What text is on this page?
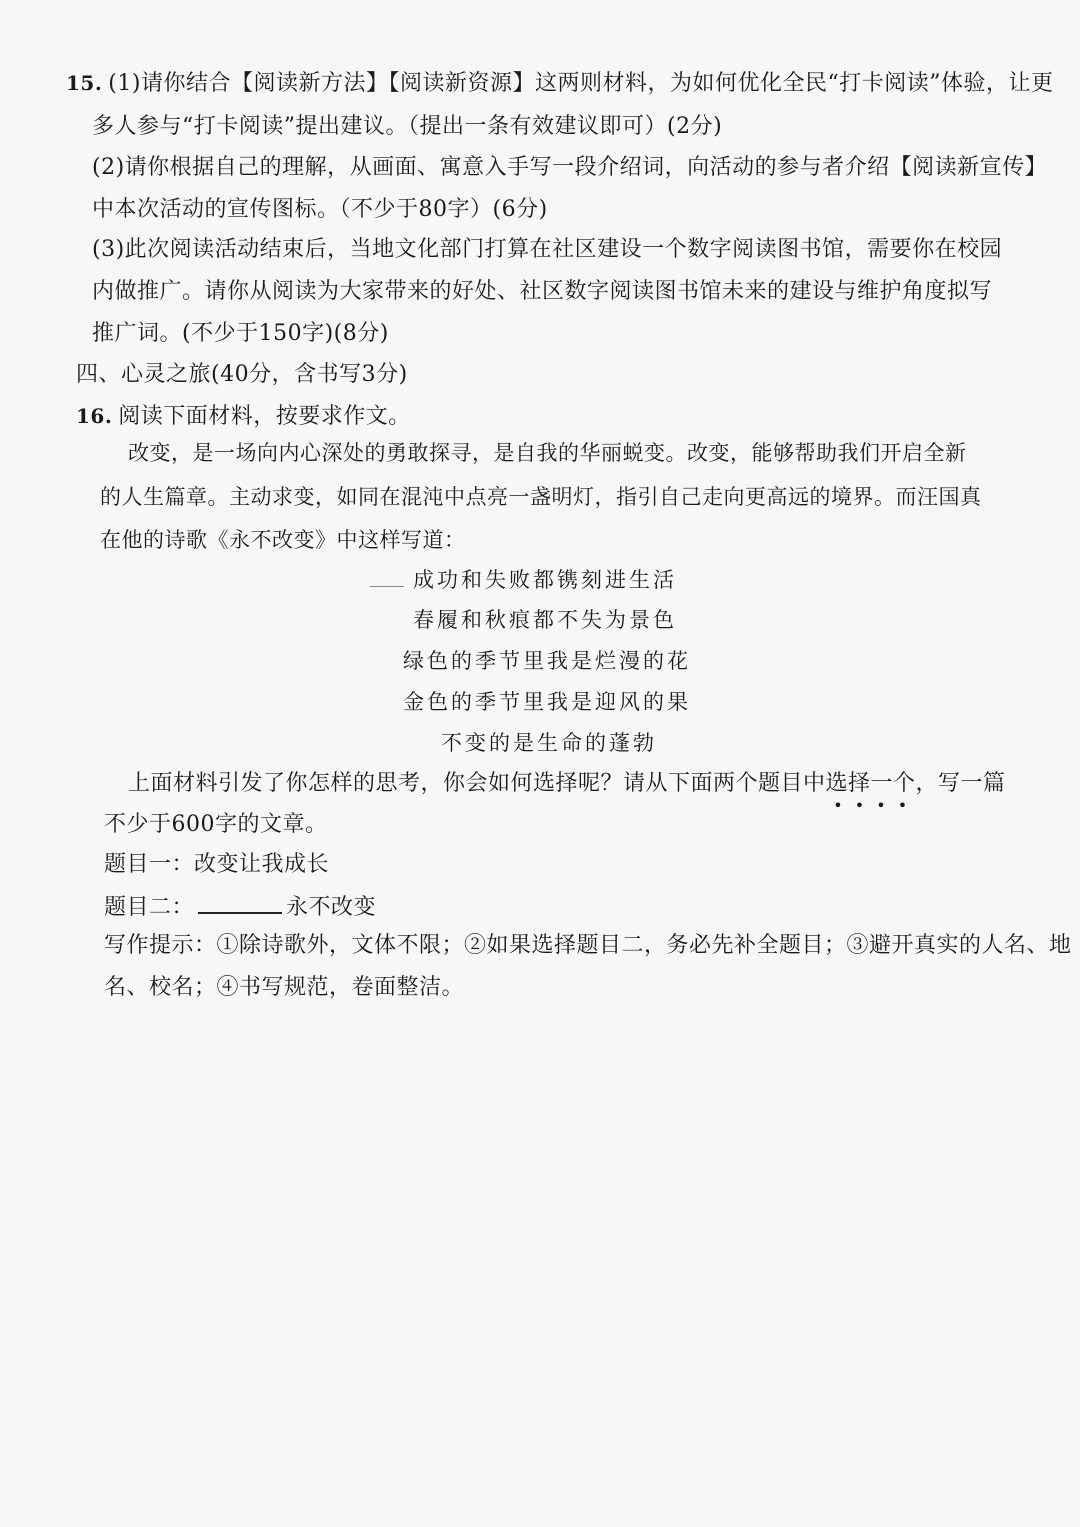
15. (1)请你结合【阅读新方法】【阅读新资源】这两则材料，为如何优化全民“打卡阅读”体验，让更
多人参与“打卡阅读”提出建议。（提出一条有效建议即可）(2分)
(2)请你根据自己的理解，从画面、寓意入手写一段介绍词，向活动的参与者介绍【阅读新宣传】
中本次活动的宣传图标。（不少于80字）(6分)
(3)此次阅读活动结束后，当地文化部门打算在社区建设一个数字阅读图书馆，需要你在校园
内做推广。请你从阅读为大家带来的好处、社区数字阅读图书馆未来的建设与维护角度拟写
推广词。(不少于150字)(8分)
四、心灵之旅(40分，含书写3分)
16. 阅读下面材料，按要求作文。
改变，是一场向内心深处的勇敢探寻，是自我的华丽蜕变。改变，能够帮助我们开启全新
的人生篇章。主动求变，如同在混沌中点亮一盏明灯，指引自己走向更高远的境界。而汪国真
在他的诗歌《永不改变》中这样写道：
成功和失败都镌刻进生活
春履和秋痕都不失为景色
绿色的季节里我是烂漫的花
金色的季节里我是迎风的果
不变的是生命的蓬勃
上面材料引发了你怎样的思考，你会如何选择呢？请从下面两个题目中选择一个
• • • •
，写一篇
不少于600字的文章。
题目一：改变让我成长
题目二：	永不改变
写作提示：①除诗歌外，文体不限；②如果选择题目二，务必先补全题目；③避开真实的人名、地
名、校名；④书写规范，卷面整洁。
